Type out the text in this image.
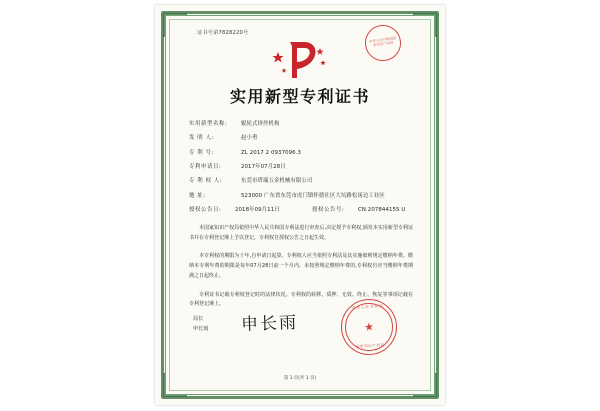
证书号第7828220号
中华人民共和国国家知识产权局
实用新型专利证书
实用新型名称:	辊轮式挤丝机构
发 明 人:	赵小勇
专 利 号:	ZL 2017 2 0937096.3
专利申请日:	2017年07月28日
专 利 权 人:	东莞市塔瑞五金机械有限公司
地 址:	523000 广东省东莞市虎门镇怀德社区大坑路松岗边工业区
授权公告日:	2018年09月11日	授权公告号:	CN 207844155 U
本国家知识产权局依照中华人民共和国专利法进行审查后,决定授予专利权,颁发本实用新型专利证书并在专利登记簿上予以登记。专利权自授权公告之日起生效。
本专利权的期限为十年,自申请日起算。专利权人应当依照专利法及其实施细则规定缴纳年费。缴纳本专利年费的期限是每年07月28日前一个月内。未按照规定缴纳年费的,专利权自应当缴纳年费期满之日起终止。
专利证书记载专利权登记时的法律状况。专利权的转移、质押、无效、终止、恢复等事项记载在专利登记簿上。
局长
申长雨 申长雨
中华人民共和国
★
国家知识产权局
第 1 页(共 1 页)
